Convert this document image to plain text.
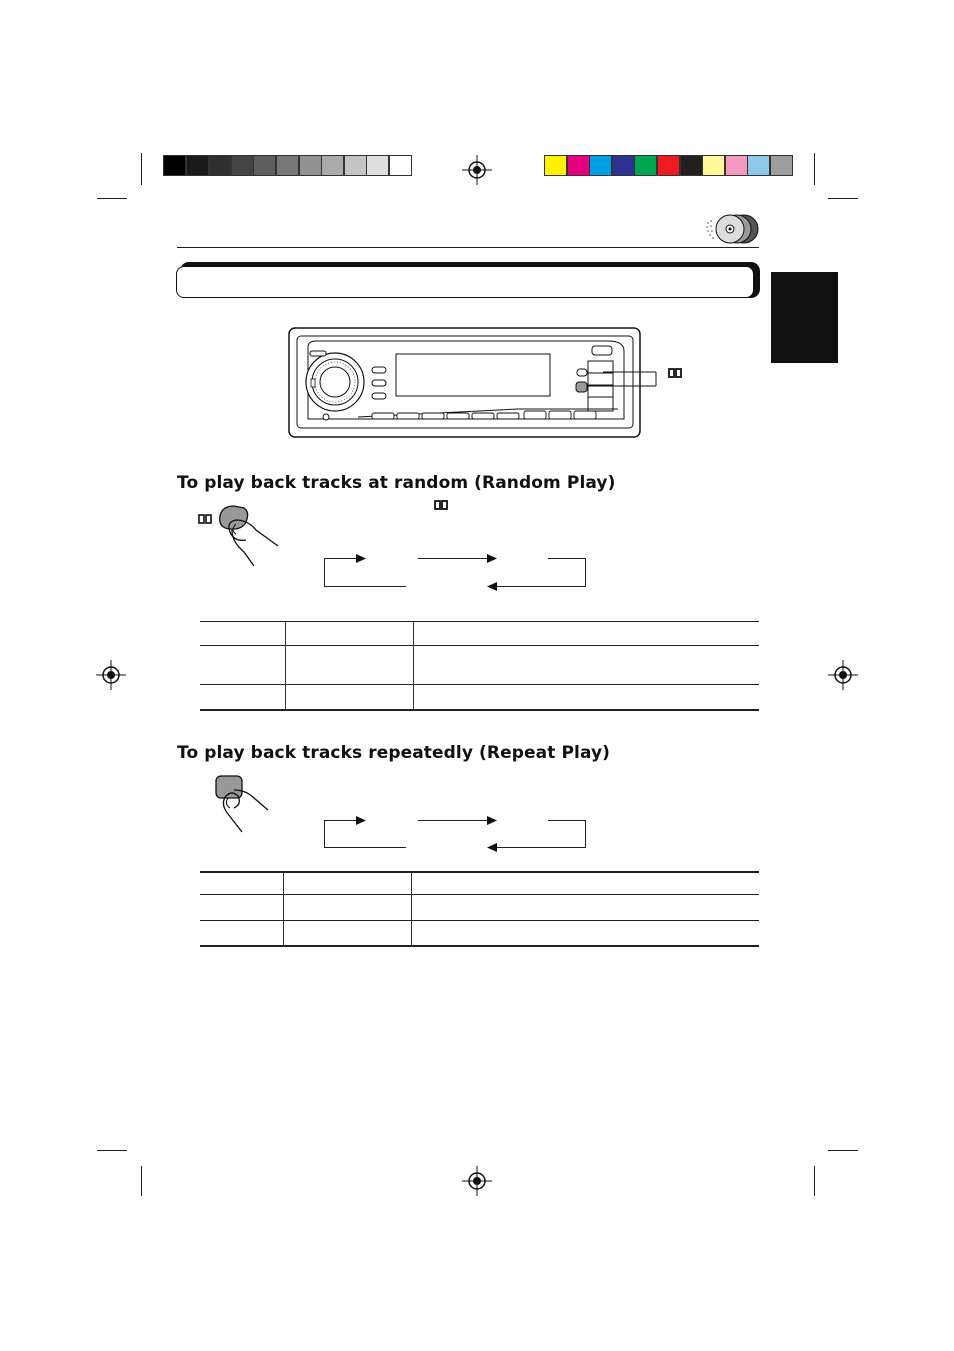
To play back tracks at random (Random Play)
To play back tracks repeatedly (Repeat Play)
